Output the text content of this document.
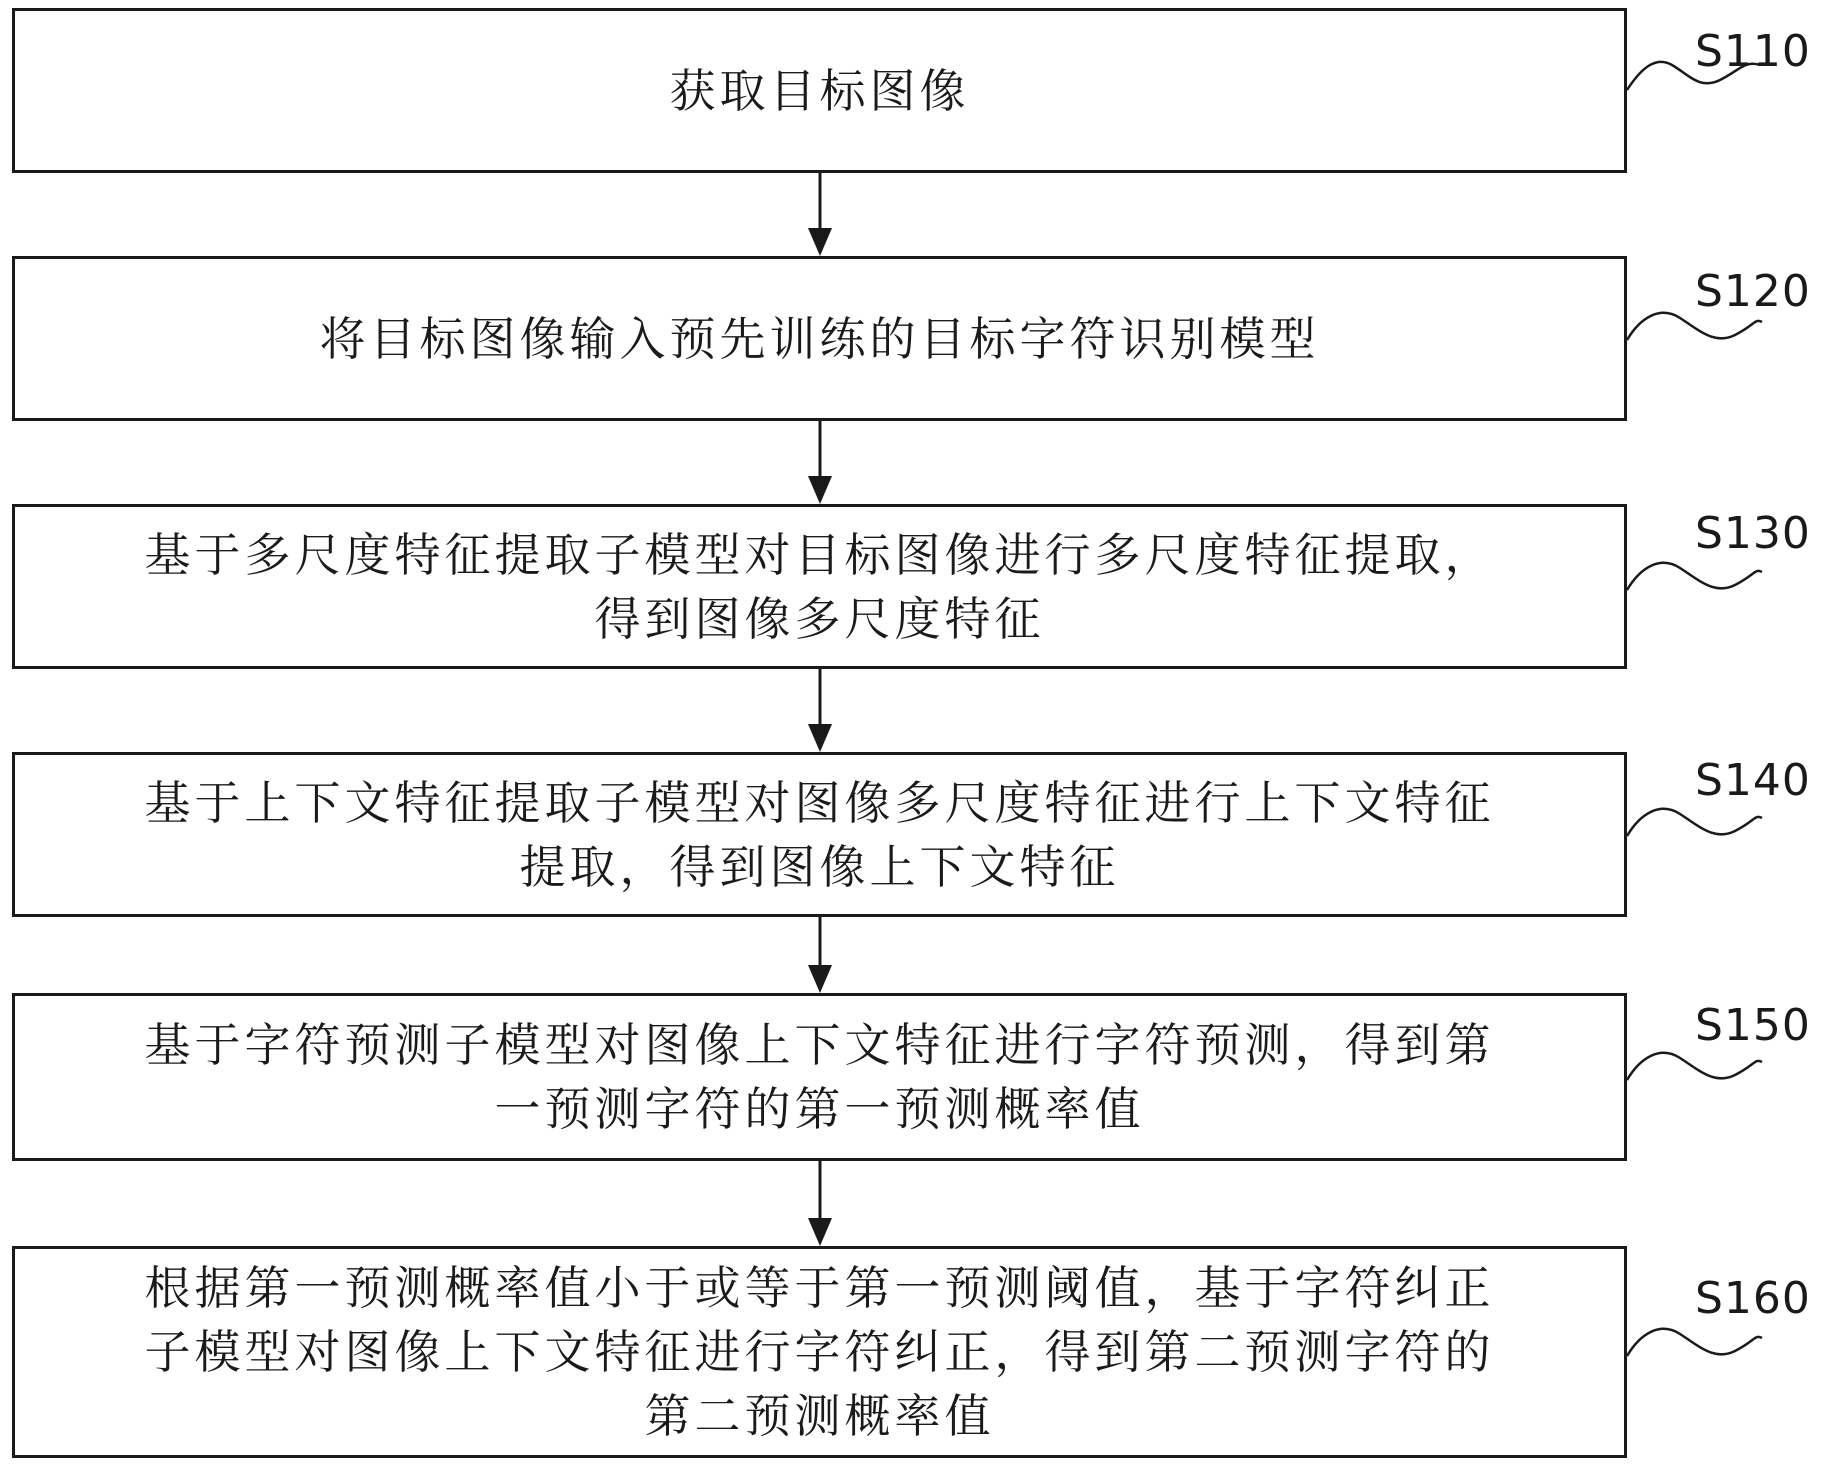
获取目标图像
将目标图像输入预先训练的目标字符识别模型
基于多尺度特征提取子模型对目标图像进行多尺度特征提取，
得到图像多尺度特征
基于上下文特征提取子模型对图像多尺度特征进行上下文特征
提取，得到图像上下文特征
基于字符预测子模型对图像上下文特征进行字符预测，得到第
一预测字符的第一预测概率值
根据第一预测概率值小于或等于第一预测阈值，基于字符纠正
子模型对图像上下文特征进行字符纠正，得到第二预测字符的
第二预测概率值
S110
S120
S130
S140
S150
S160
